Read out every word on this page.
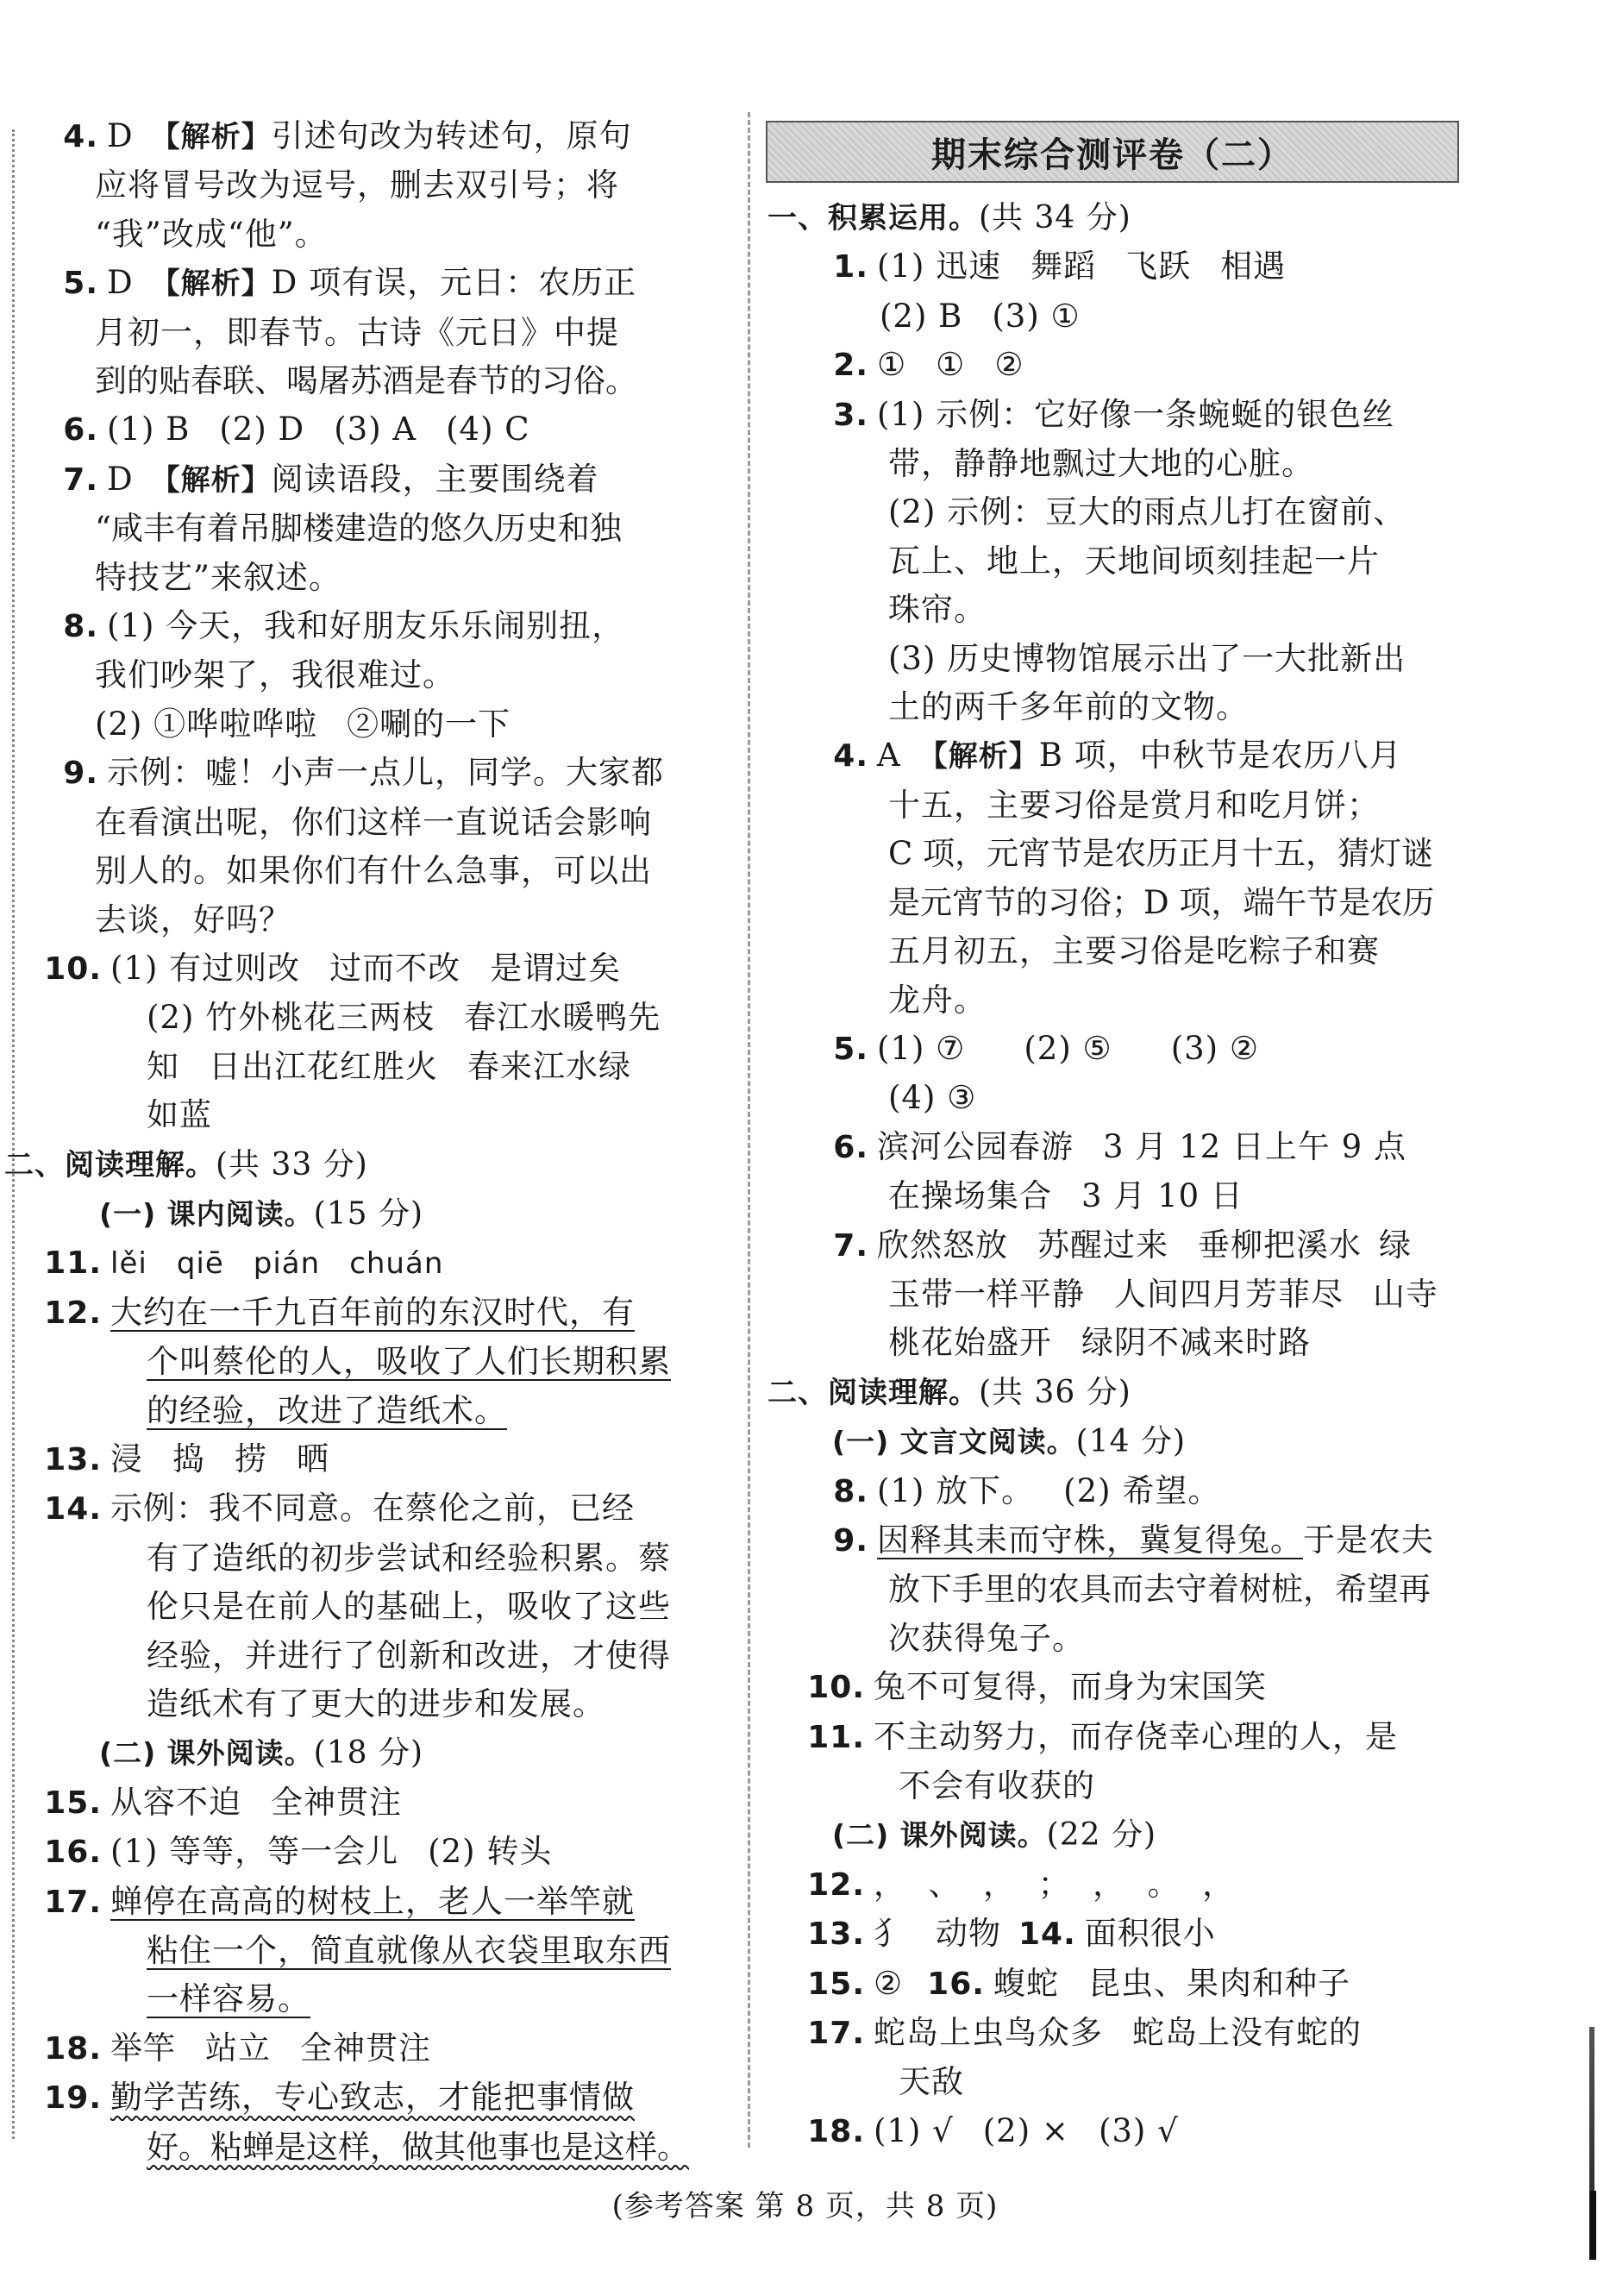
4. D 【解析】引述句改为转述句，原句
应将冒号改为逗号，删去双引号；将
“我”改成“他”。
5. D 【解析】D 项有误，元日：农历正
月初一，即春节。古诗《元日》中提
到的贴春联、喝屠苏酒是春节的习俗。
6. (1) B (2) D (3) A (4) C
7. D 【解析】阅读语段，主要围绕着
“咸丰有着吊脚楼建造的悠久历史和独
特技艺”来叙述。
8. (1) 今天，我和好朋友乐乐闹别扭，
我们吵架了，我很难过。
(2) ①哗啦哗啦 ②唰的一下
9. 示例：嘘！小声一点儿，同学。大家都
在看演出呢，你们这样一直说话会影响
别人的。如果你们有什么急事，可以出
去谈，好吗？
10. (1) 有过则改 过而不改 是谓过矣
(2) 竹外桃花三两枝 春江水暖鸭先
知 日出江花红胜火 春来江水绿
如蓝
二、阅读理解。(共 33 分)
(一) 课内阅读。(15 分)
11. lěi qiē pián chuán
12. 大约在一千九百年前的东汉时代，有
个叫蔡伦的人，吸收了人们长期积累
的经验，改进了造纸术。
13. 浸 捣 捞 晒
14. 示例：我不同意。在蔡伦之前，已经
有了造纸的初步尝试和经验积累。蔡
伦只是在前人的基础上，吸收了这些
经验，并进行了创新和改进，才使得
造纸术有了更大的进步和发展。
(二) 课外阅读。(18 分)
15. 从容不迫 全神贯注
16. (1) 等等，等一会儿 (2) 转头
17. 蝉停在高高的树枝上，老人一举竿就
粘住一个，简直就像从衣袋里取东西
一样容易。
18. 举竿 站立 全神贯注
19. 勤学苦练，专心致志，才能把事情做
好。粘蝉是这样，做其他事也是这样。
期末综合测评卷（二）
一、积累运用。(共 34 分)
1. (1) 迅速 舞蹈 飞跃 相遇
(2) B (3) ①
2. ① ① ②
3. (1) 示例：它好像一条蜿蜒的银色丝
带，静静地飘过大地的心脏。
(2) 示例：豆大的雨点儿打在窗前、
瓦上、地上，天地间顷刻挂起一片
珠帘。
(3) 历史博物馆展示出了一大批新出
土的两千多年前的文物。
4. A 【解析】B 项，中秋节是农历八月
十五，主要习俗是赏月和吃月饼；
C 项，元宵节是农历正月十五，猜灯谜
是元宵节的习俗；D 项，端午节是农历
五月初五，主要习俗是吃粽子和赛
龙舟。
5. (1) ⑦ (2) ⑤ (3) ②
(4) ③
6. 滨河公园春游 3 月 12 日上午 9 点
在操场集合 3 月 10 日
7. 欣然怒放 苏醒过来 垂柳把溪水 绿
玉带一样平静 人间四月芳菲尽 山寺
桃花始盛开 绿阴不减来时路
二、阅读理解。(共 36 分)
(一) 文言文阅读。(14 分)
8. (1) 放下。 (2) 希望。
9. 因释其耒而守株，冀复得兔。于是农夫
放下手里的农具而去守着树桩，希望再
次获得兔子。
10. 兔不可复得，而身为宋国笑
11. 不主动努力，而存侥幸心理的人，是
不会有收获的
(二) 课外阅读。(22 分)
12. ，  、  ，  ；  ，  。  ，
13. 犭 动物 14. 面积很小
15. ② 16. 蝮蛇 昆虫、果肉和种子
17. 蛇岛上虫鸟众多 蛇岛上没有蛇的
天敌
18. (1) √ (2) × (3) √
(参考答案 第 8 页，共 8 页)
